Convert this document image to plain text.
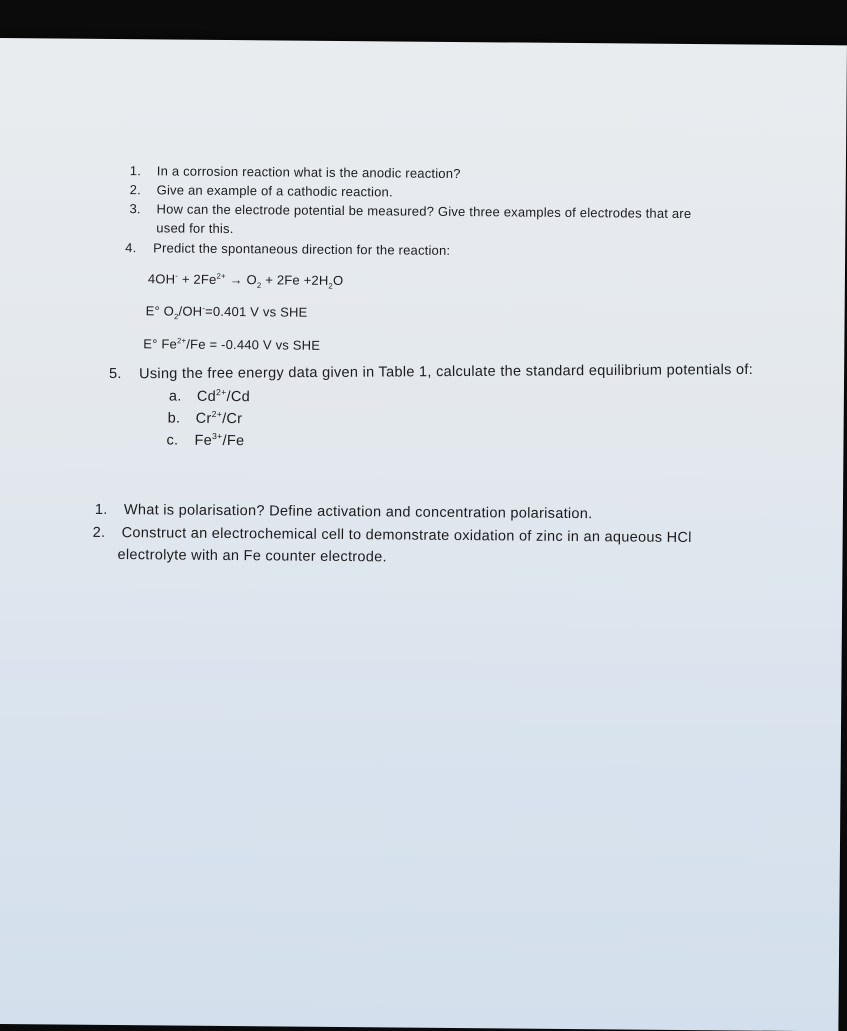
1. In a corrosion reaction what is the anodic reaction?
2. Give an example of a cathodic reaction.
3. How can the electrode potential be measured? Give three examples of electrodes that are
used for this.
4. Predict the spontaneous direction for the reaction:
$4OH^- + 2Fe^{2+} \to O_2 + 2Fe +2H_2O$
E° $O_2/OH^-=0.401$ V vs SHE
E° $Fe^{2+}/Fe = -0.440$ V vs SHE
5. Using the free energy data given in Table 1, calculate the standard equilibrium potentials of:
a. $Cd^{2+}/Cd$
b. $Cr^{2+}/Cr$
c. $Fe^{3+}/Fe$
1. What is polarisation? Define activation and concentration polarisation.
2. Construct an electrochemical cell to demonstrate oxidation of zinc in an aqueous HCl
electrolyte with an Fe counter electrode.
